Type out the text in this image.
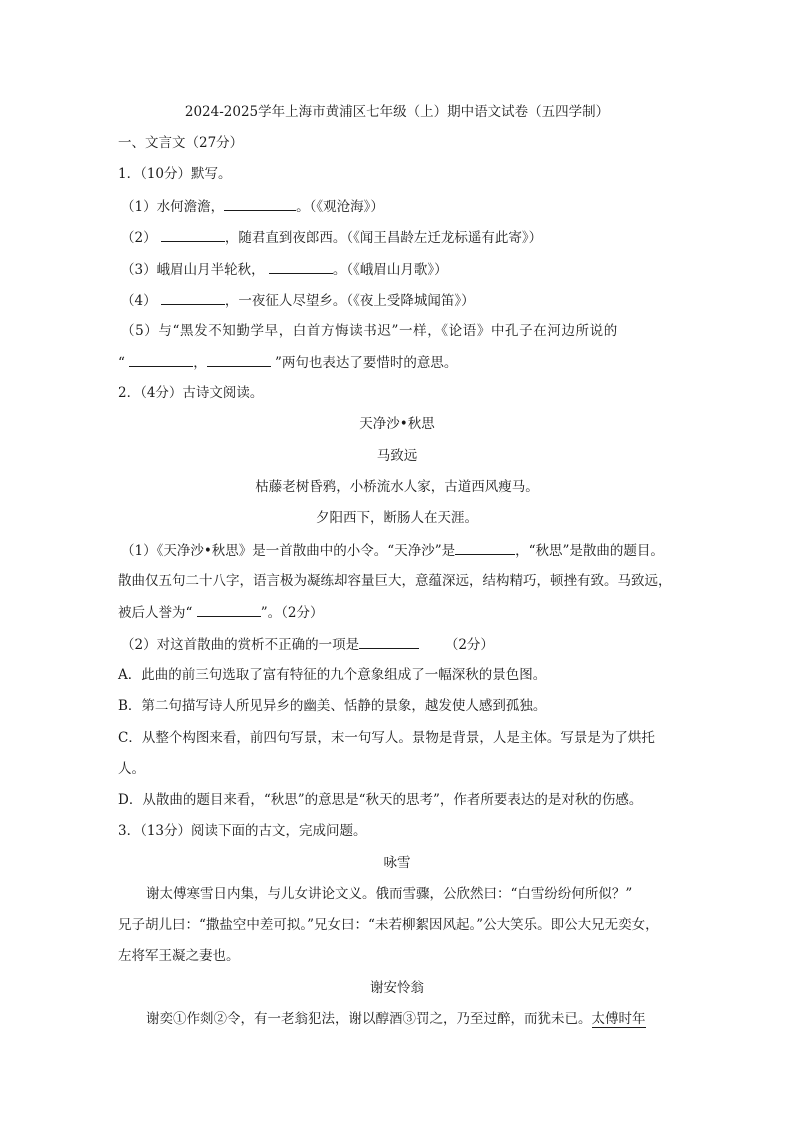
2024-2025学年上海市黄浦区七年级（上）期中语文试卷（五四学制）
一、文言文（27分）
1．（10分）默写。
（1）水何澹澹，	。（《观沧海》）
（2）	，随君直到夜郎西。（《闻王昌龄左迁龙标遥有此寄》）
（3）峨眉山月半轮秋，	。（《峨眉山月歌》）
（4）	，一夜征人尽望乡。（《夜上受降城闻笛》）
（5）与“黑发不知勤学早，白首方悔读书迟”一样，《论语》中孔子在河边所说的
“	，	”两句也表达了要惜时的意思。
2．（4分）古诗文阅读。
天净沙•秋思
马致远
枯藤老树昏鸦，小桥流水人家，古道西风瘦马。
夕阳西下，断肠人在天涯。
（1）《天净沙•秋思》是一首散曲中的小令。“天净沙”是	，“秋思”是散曲的题目。
散曲仅五句二十八字，语言极为凝练却容量巨大，意蕴深远，结构精巧，顿挫有致。马致远，
被后人誉为“	”。（2分）
（2）对这首散曲的赏析不正确的一项是	（2分）
A．此曲的前三句选取了富有特征的九个意象组成了一幅深秋的景色图。
B．第二句描写诗人所见异乡的幽美、恬静的景象，越发使人感到孤独。
C．从整个构图来看，前四句写景，末一句写人。景物是背景，人是主体。写景是为了烘托
人。
D．从散曲的题目来看，“秋思”的意思是“秋天的思考”，作者所要表达的是对秋的伤感。
3．（13分）阅读下面的古文，完成问题。
咏雪
谢太傅寒雪日内集，与儿女讲论文义。俄而雪骤，公欣然曰：“白雪纷纷何所似？”
兄子胡儿曰：“撒盐空中差可拟。”兄女曰：“未若柳絮因风起。”公大笑乐。即公大兄无奕女，
左将军王凝之妻也。
谢安怜翁
谢奕①作剡②令，有一老翁犯法，谢以醇酒③罚之，乃至过醉，而犹未已。太傅时年
